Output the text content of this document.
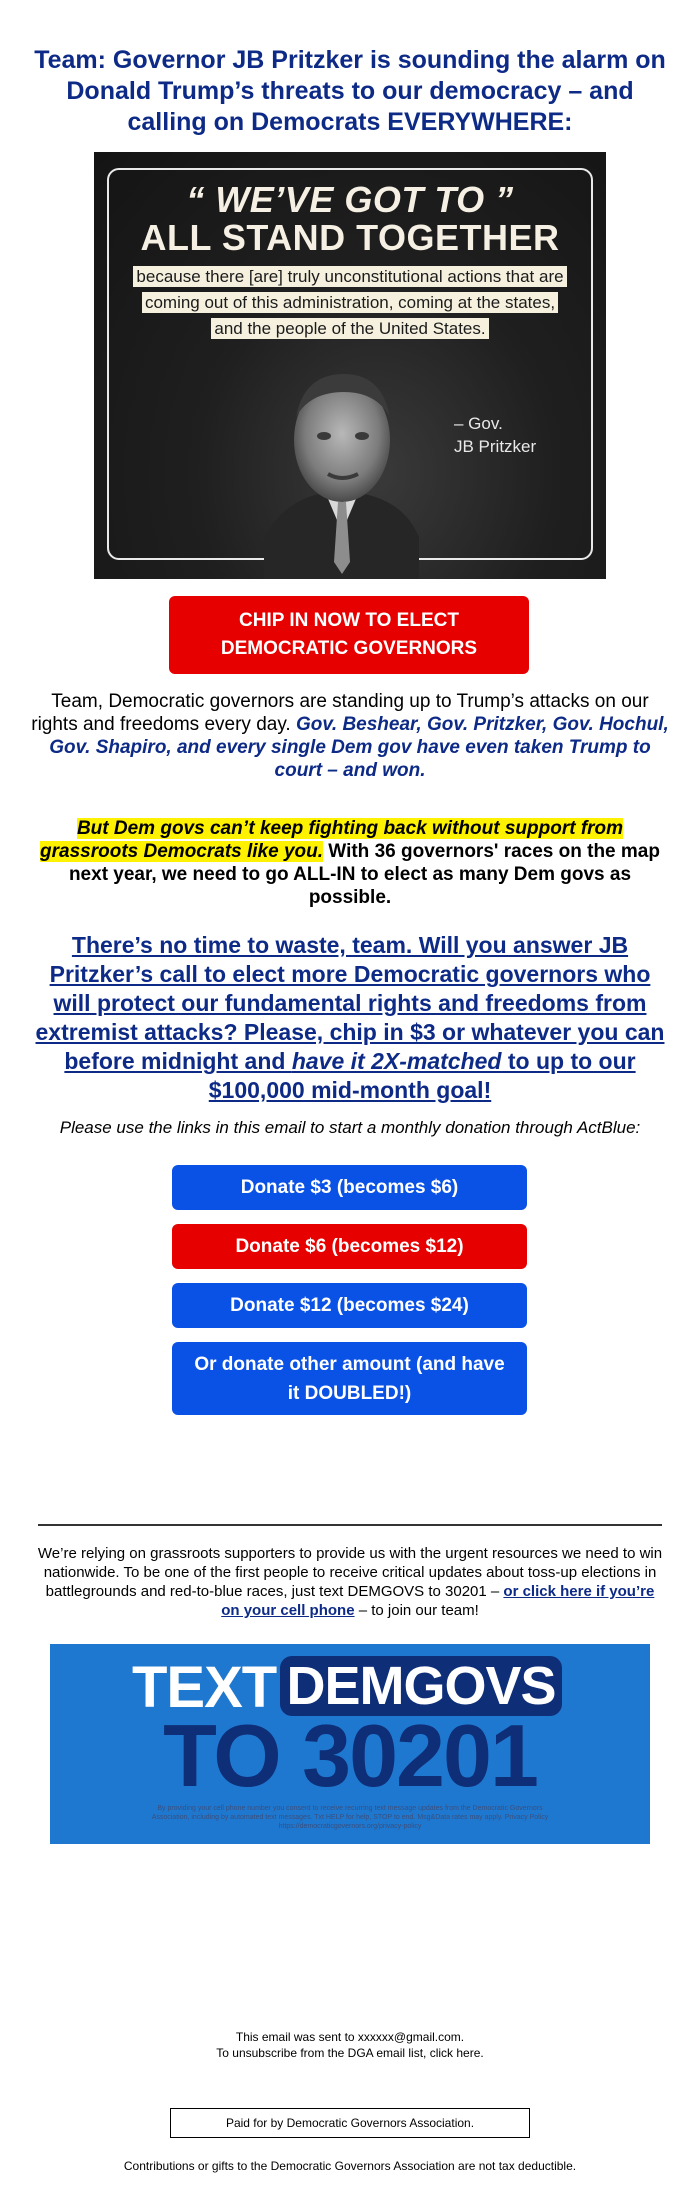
Team: Governor JB Pritzker is sounding the alarm on Donald Trump’s threats to our democracy – and calling on Democrats EVERYWHERE:
“ WE’VE GOT TO ”
ALL STAND TOGETHER
because there [are] truly unconstitutional actions that are coming out of this administration, coming at the states, and the people of the United States.
– Gov.
JB Pritzker
CHIP IN NOW TO ELECT DEMOCRATIC GOVERNORS

Team, Democratic governors are standing up to Trump’s attacks on our rights and freedoms every day. Gov. Beshear, Gov. Pritzker, Gov. Hochul, Gov. Shapiro, and every single Dem gov have even taken Trump to court – and won.

But Dem govs can’t keep fighting back without support from grassroots Democrats like you. With 36 governors' races on the map next year, we need to go ALL-IN to elect as many Dem govs as possible.

There’s no time to waste, team. Will you answer JB Pritzker’s call to elect more Democratic governors who will protect our fundamental rights and freedoms from extremist attacks? Please, chip in $3 or whatever you can before midnight and have it 2X-matched to up to our $100,000 mid-month goal!

Please use the links in this email to start a monthly donation through ActBlue:

Donate $3 (becomes $6)
Donate $6 (becomes $12)
Donate $12 (becomes $24)
Or donate other amount (and have it DOUBLED!)

We’re relying on grassroots supporters to provide us with the urgent resources we need to win nationwide. To be one of the first people to receive critical updates about toss-up elections in battlegrounds and red-to-blue races, just text DEMGOVS to 30201 – or click here if you’re on your cell phone – to join our team!

TEXT DEMGOVS
TO 30201
By providing your cell phone number you consent to receive recurring text message updates from the Democratic Governors Association, including by automated text messages. Txt HELP for help, STOP to end. Msg&Data rates may apply. Privacy Policy https://democraticgovernors.org/privacy-policy

This email was sent to xxxxxx@gmail.com.

To unsubscribe from the DGA email list, click here.

Paid for by Democratic Governors Association.

Contributions or gifts to the Democratic Governors Association are not tax deductible.
